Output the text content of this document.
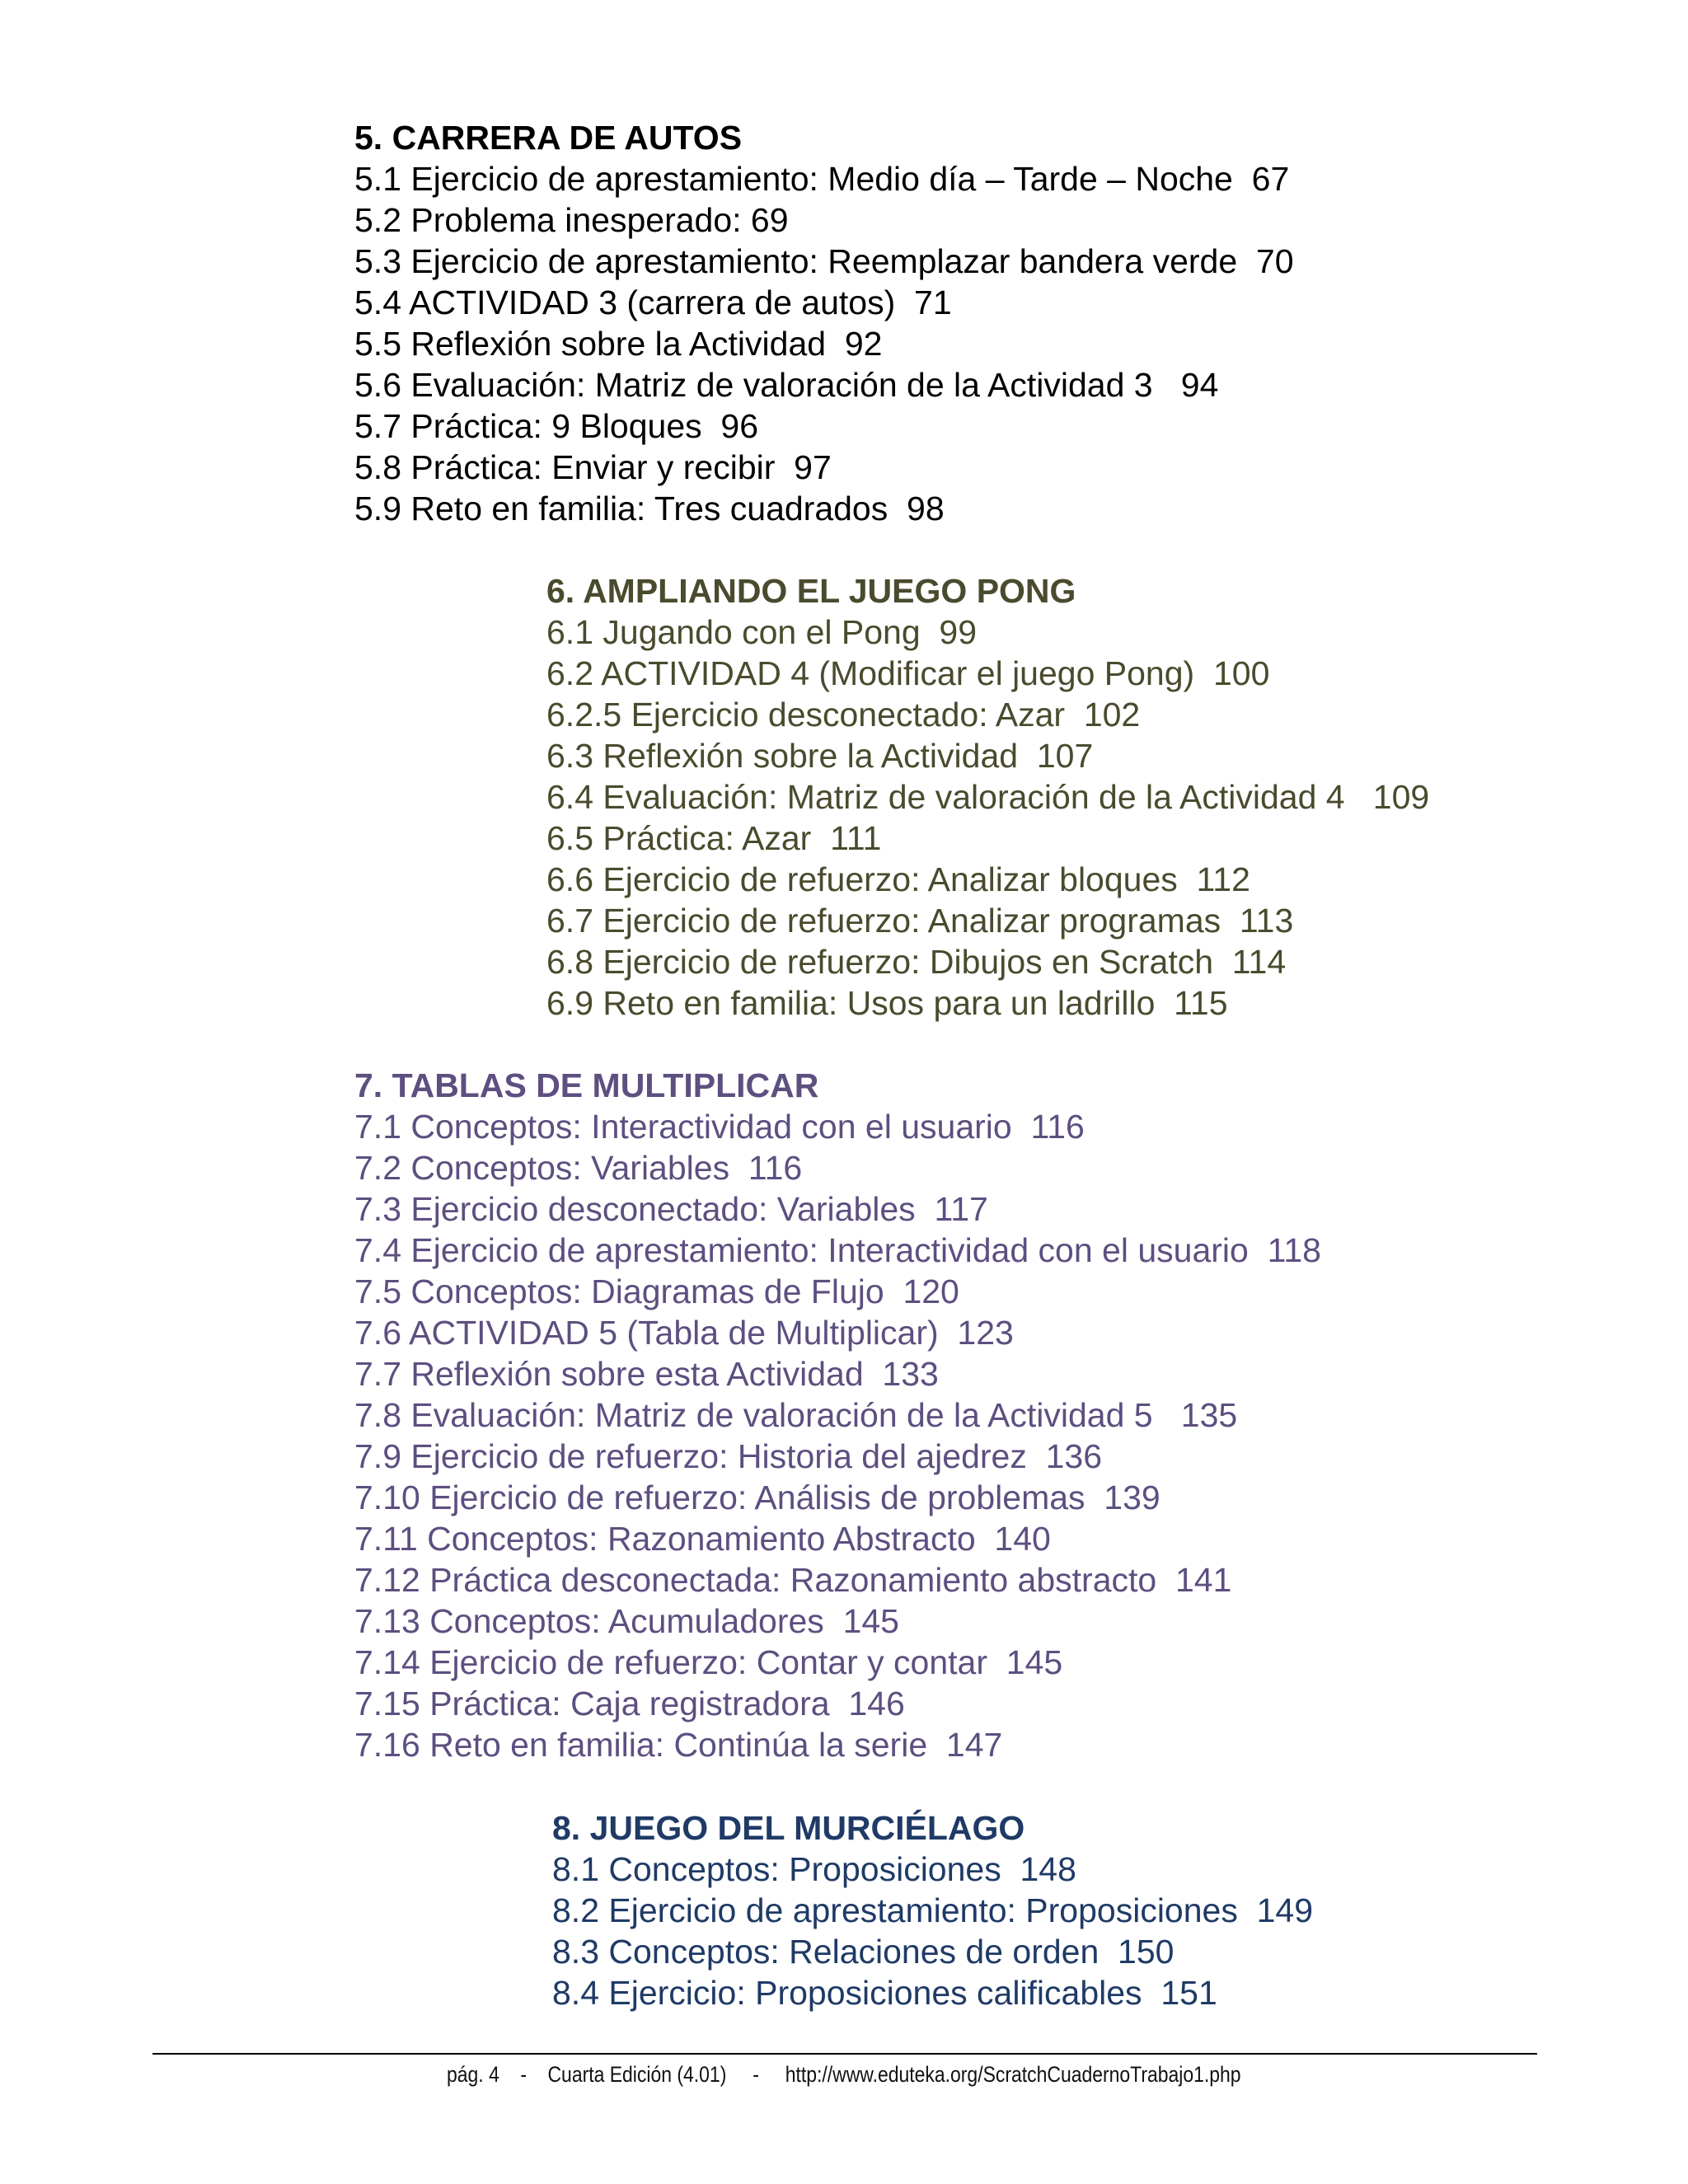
5. CARRERA DE AUTOS
5.1 Ejercicio de aprestamiento: Medio día – Tarde – Noche  67
5.2 Problema inesperado: 69
5.3 Ejercicio de aprestamiento: Reemplazar bandera verde  70
5.4 ACTIVIDAD 3 (carrera de autos)  71
5.5 Reflexión sobre la Actividad  92
5.6 Evaluación: Matriz de valoración de la Actividad 3   94
5.7 Práctica: 9 Bloques  96
5.8 Práctica: Enviar y recibir  97
5.9 Reto en familia: Tres cuadrados  98
6. AMPLIANDO EL JUEGO PONG
6.1 Jugando con el Pong  99
6.2 ACTIVIDAD 4 (Modificar el juego Pong)  100
6.2.5 Ejercicio desconectado: Azar  102
6.3 Reflexión sobre la Actividad  107
6.4 Evaluación: Matriz de valoración de la Actividad 4   109
6.5 Práctica: Azar  111
6.6 Ejercicio de refuerzo: Analizar bloques  112
6.7 Ejercicio de refuerzo: Analizar programas  113
6.8 Ejercicio de refuerzo: Dibujos en Scratch  114
6.9 Reto en familia: Usos para un ladrillo  115
7. TABLAS DE MULTIPLICAR
7.1 Conceptos: Interactividad con el usuario  116
7.2 Conceptos: Variables  116
7.3 Ejercicio desconectado: Variables  117
7.4 Ejercicio de aprestamiento: Interactividad con el usuario  118
7.5 Conceptos: Diagramas de Flujo  120
7.6 ACTIVIDAD 5 (Tabla de Multiplicar)  123
7.7 Reflexión sobre esta Actividad  133
7.8 Evaluación: Matriz de valoración de la Actividad 5   135
7.9 Ejercicio de refuerzo: Historia del ajedrez  136
7.10 Ejercicio de refuerzo: Análisis de problemas  139
7.11 Conceptos: Razonamiento Abstracto  140
7.12 Práctica desconectada: Razonamiento abstracto  141
7.13 Conceptos: Acumuladores  145
7.14 Ejercicio de refuerzo: Contar y contar  145
7.15 Práctica: Caja registradora  146
7.16 Reto en familia: Continúa la serie  147
8. JUEGO DEL MURCIÉLAGO
8.1 Conceptos: Proposiciones  148
8.2 Ejercicio de aprestamiento: Proposiciones  149
8.3 Conceptos: Relaciones de orden  150
8.4 Ejercicio: Proposiciones calificables  151
pág. 4    -    Cuarta Edición (4.01)     -     http://www.eduteka.org/ScratchCuadernoTrabajo1.php
